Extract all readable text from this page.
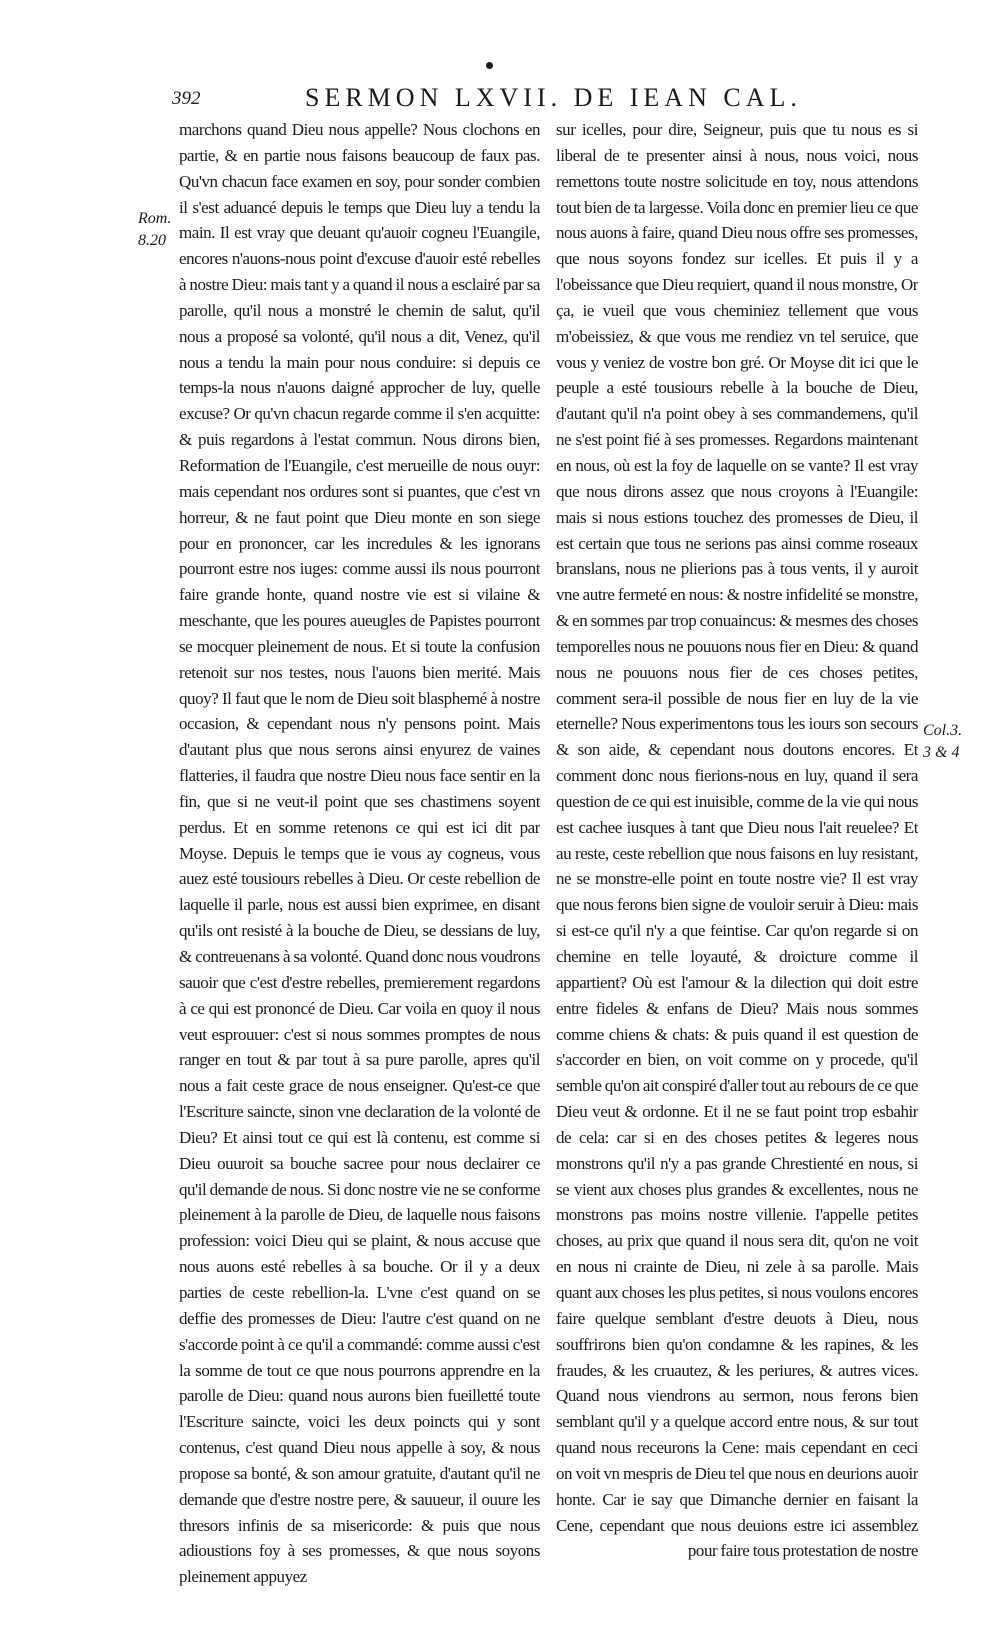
392	SERMON LXVII. DE IEAN CAL.
Rom.
8.20
Col.3.
3 & 4

marchons quand Dieu nous appelle? Nous clochons en partie, & en partie nous faisons beaucoup de faux pas. Qu'vn chacun face examen en soy, pour sonder combien il s'est aduancé depuis le temps que Dieu luy a tendu la main. Il est vray que deuant qu'auoir cogneu l'Euangile, encores n'auons-nous point d'excuse d'auoir esté rebelles à nostre Dieu: mais tant y a quand il nous a esclairé par sa parolle, qu'il nous a monstré le chemin de salut, qu'il nous a proposé sa volonté, qu'il nous a dit, Venez, qu'il nous a tendu la main pour nous conduire: si depuis ce temps-la nous n'auons daigné approcher de luy, quelle excuse? Or qu'vn chacun regarde comme il s'en acquitte: & puis regardons à l'estat commun. Nous dirons bien, Reformation de l'Euangile, c'est merueille de nous ouyr: mais cependant nos ordures sont si puantes, que c'est vn horreur, & ne faut point que Dieu monte en son siege pour en prononcer, car les incredules & les ignorans pourront estre nos iuges: comme aussi ils nous pourront faire grande honte, quand nostre vie est si vilaine & meschante, que les poures aueugles de Papistes pourront se mocquer pleinement de nous. Et si toute la confusion retenoit sur nos testes, nous l'auons bien merité. Mais quoy? Il faut que le nom de Dieu soit blasphemé à nostre occasion, & cependant nous n'y pensons point. Mais d'autant plus que nous serons ainsi enyurez de vaines flatteries, il faudra que nostre Dieu nous face sentir en la fin, que si ne veut-il point que ses chastimens soyent perdus. Et en somme retenons ce qui est ici dit par Moyse. Depuis le temps que ie vous ay cogneus, vous auez esté tousiours rebelles à Dieu. Or ceste rebellion de laquelle il parle, nous est aussi bien exprimee, en disant qu'ils ont resisté à la bouche de Dieu, se dessians de luy, & contreuenans à sa volonté. Quand donc nous voudrons sauoir que c'est d'estre rebelles, premierement regardons à ce qui est prononcé de Dieu. Car voila en quoy il nous veut esprouuer: c'est si nous sommes promptes de nous ranger en tout & par tout à sa pure parolle, apres qu'il nous a fait ceste grace de nous enseigner. Qu'est-ce que l'Escriture saincte, sinon vne declaration de la volonté de Dieu? Et ainsi tout ce qui est là contenu, est comme si Dieu ouuroit sa bouche sacree pour nous declairer ce qu'il demande de nous. Si donc nostre vie ne se conforme pleinement à la parolle de Dieu, de laquelle nous faisons profession: voici Dieu qui se plaint, & nous accuse que nous auons esté rebelles à sa bouche. Or il y a deux parties de ceste rebellion-la. L'vne c'est quand on se deffie des promesses de Dieu: l'autre c'est quand on ne s'accorde point à ce qu'il a commandé: comme aussi c'est la somme de tout ce que nous pourrons apprendre en la parolle de Dieu: quand nous aurons bien fueilletté toute l'Escriture saincte, voici les deux poincts qui y sont contenus, c'est quand Dieu nous appelle à soy, & nous propose sa bonté, & son amour gratuite, d'autant qu'il ne demande que d'estre nostre pere, & sauueur, il ouure les thresors infinis de sa misericorde: & puis que nous adioustions foy à ses promesses, & que nous soyons pleinement appuyez

sur icelles, pour dire, Seigneur, puis que tu nous es si liberal de te presenter ainsi à nous, nous voici, nous remettons toute nostre solicitude en toy, nous attendons tout bien de ta largesse. Voila donc en premier lieu ce que nous auons à faire, quand Dieu nous offre ses promesses, que nous soyons fondez sur icelles. Et puis il y a l'obeissance que Dieu requiert, quand il nous monstre, Or ça, ie vueil que vous cheminiez tellement que vous m'obeissiez, & que vous me rendiez vn tel seruice, que vous y veniez de vostre bon gré. Or Moyse dit ici que le peuple a esté tousiours rebelle à la bouche de Dieu, d'autant qu'il n'a point obey à ses commandemens, qu'il ne s'est point fié à ses promesses. Regardons maintenant en nous, où est la foy de laquelle on se vante? Il est vray que nous dirons assez que nous croyons à l'Euangile: mais si nous estions touchez des promesses de Dieu, il est certain que tous ne serions pas ainsi comme roseaux branslans, nous ne plierions pas à tous vents, il y auroit vne autre fermeté en nous: & nostre infidelité se monstre, & en sommes par trop conuaincus: & mesmes des choses temporelles nous ne pouuons nous fier en Dieu: & quand nous ne pouuons nous fier de ces choses petites, comment sera-il possible de nous fier en luy de la vie eternelle? Nous experimentons tous les iours son secours & son aide, & cependant nous doutons encores. Et comment donc nous fierions-nous en luy, quand il sera question de ce qui est inuisible, comme de la vie qui nous est cachee iusques à tant que Dieu nous l'ait reuelee? Et au reste, ceste rebellion que nous faisons en luy resistant, ne se monstre-elle point en toute nostre vie? Il est vray que nous ferons bien signe de vouloir seruir à Dieu: mais si est-ce qu'il n'y a que feintise. Car qu'on regarde si on chemine en telle loyauté, & droicture comme il appartient? Où est l'amour & la dilection qui doit estre entre fideles & enfans de Dieu? Mais nous sommes comme chiens & chats: & puis quand il est question de s'accorder en bien, on voit comme on y procede, qu'il semble qu'on ait conspiré d'aller tout au rebours de ce que Dieu veut & ordonne. Et il ne se faut point trop esbahir de cela: car si en des choses petites & legeres nous monstrons qu'il n'y a pas grande Chrestienté en nous, si se vient aux choses plus grandes & excellentes, nous ne monstrons pas moins nostre villenie. I'appelle petites choses, au prix que quand il nous sera dit, qu'on ne voit en nous ni crainte de Dieu, ni zele à sa parolle. Mais quant aux choses les plus petites, si nous voulons encores faire quelque semblant d'estre deuots à Dieu, nous souffrirons bien qu'on condamne & les rapines, & les fraudes, & les cruautez, & les periures, & autres vices. Quand nous viendrons au sermon, nous ferons bien semblant qu'il y a quelque accord entre nous, & sur tout quand nous receurons la Cene: mais cependant en ceci on voit vn mespris de Dieu tel que nous en deurions auoir honte. Car ie say que Dimanche dernier en faisant la Cene, cependant que nous deuions estre ici assemblez pour faire tous protestation de nostre
